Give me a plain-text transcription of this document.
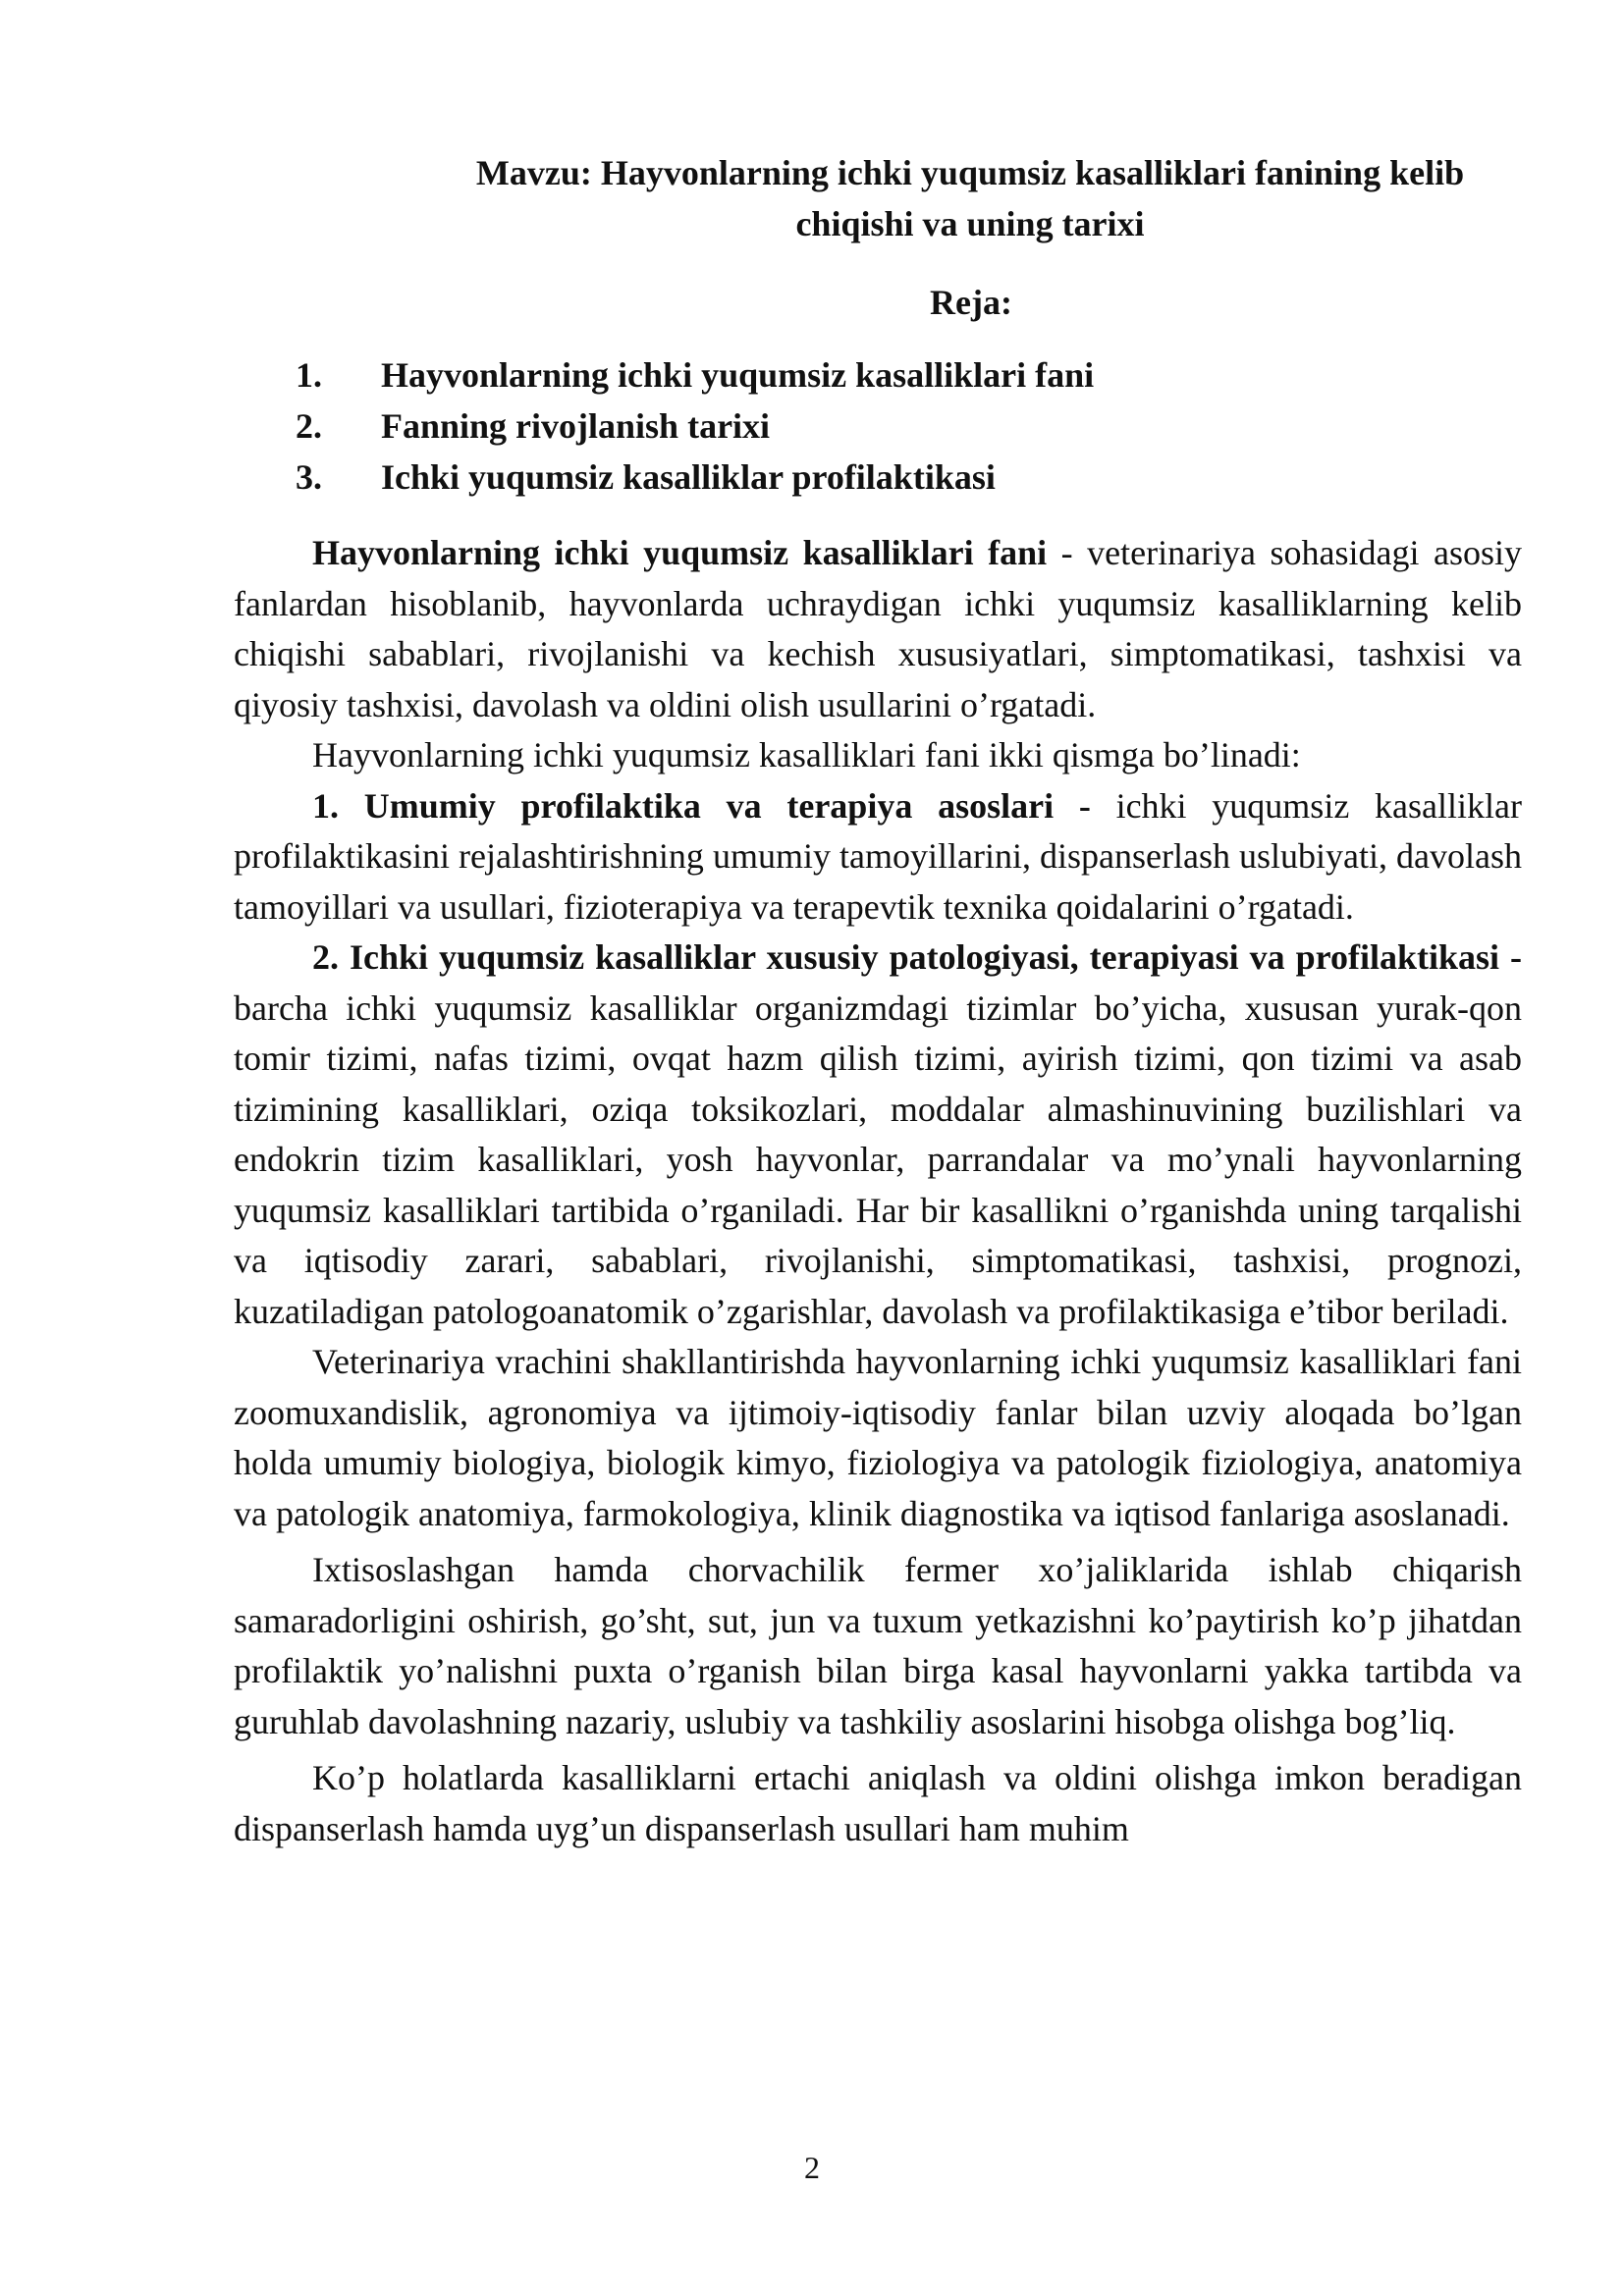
Mavzu: Hayvonlarning ichki yuqumsiz kasalliklari fanining kelib chiqishi va uning tarixi
Reja:
1. Hayvonlarning ichki yuqumsiz kasalliklari fani
2. Fanning rivojlanish tarixi
3. Ichki yuqumsiz kasalliklar profilaktikasi

Hayvonlarning ichki yuqumsiz kasalliklari fani - veterinariya sohasidagi asosiy fanlardan hisoblanib, hayvonlarda uchraydigan ichki yuqumsiz kasalliklarning kelib chiqishi sabablari, rivojlanishi va kechish xususiyatlari, simptomatikasi, tashxisi va qiyosiy tashxisi, davolash va oldini olish usullarini o’rgatadi.

Hayvonlarning ichki yuqumsiz kasalliklari fani ikki qismga bo’linadi:

1. Umumiy profilaktika va terapiya asoslari - ichki yuqumsiz kasalliklar profilaktikasini rejalashtirishning umumiy tamoyillarini, dispanserlash uslubiyati, davolash tamoyillari va usullari, fizioterapiya va terapevtik texnika qoidalarini o’rgatadi.

2. Ichki yuqumsiz kasalliklar xususiy patologiyasi, terapiyasi va profilaktikasi - barcha ichki yuqumsiz kasalliklar organizmdagi tizimlar bo’yicha, xususan yurak-qon tomir tizimi, nafas tizimi, ovqat hazm qilish tizimi, ayirish tizimi, qon tizimi va asab tizimining kasalliklari, oziqa toksikozlari, moddalar almashinuvining buzilishlari va endokrin tizim kasalliklari, yosh hayvonlar, parrandalar va mo’ynali hayvonlarning yuqumsiz kasalliklari tartibida o’rganiladi. Har bir kasallikni o’rganishda uning tarqalishi va iqtisodiy zarari, sabablari, rivojlanishi, simptomatikasi, tashxisi, prognozi, kuzatiladigan patologoanatomik o’zgarishlar, davolash va profilaktikasiga e’tibor beriladi.

Veterinariya vrachini shakllantirishda hayvonlarning ichki yuqumsiz kasalliklari fani zoomuxandislik, agronomiya va ijtimoiy-iqtisodiy fanlar bilan uzviy aloqada bo’lgan holda umumiy biologiya, biologik kimyo, fiziologiya va patologik fiziologiya, anatomiya va patologik anatomiya, farmokologiya, klinik diagnostika va iqtisod fanlariga asoslanadi.

Ixtisoslashgan hamda chorvachilik fermer xo’jaliklarida ishlab chiqarish samaradorligini oshirish, go’sht, sut, jun va tuxum yetkazishni ko’paytirish ko’p jihatdan profilaktik yo’nalishni puxta o’rganish bilan birga kasal hayvonlarni yakka tartibda va guruhlab davolashning nazariy, uslubiy va tashkiliy asoslarini hisobga olishga bog’liq.

Ko’p holatlarda kasalliklarni ertachi aniqlash va oldini olishga imkon beradigan dispanserlash hamda uyg’un dispanserlash usullari ham muhim

2
